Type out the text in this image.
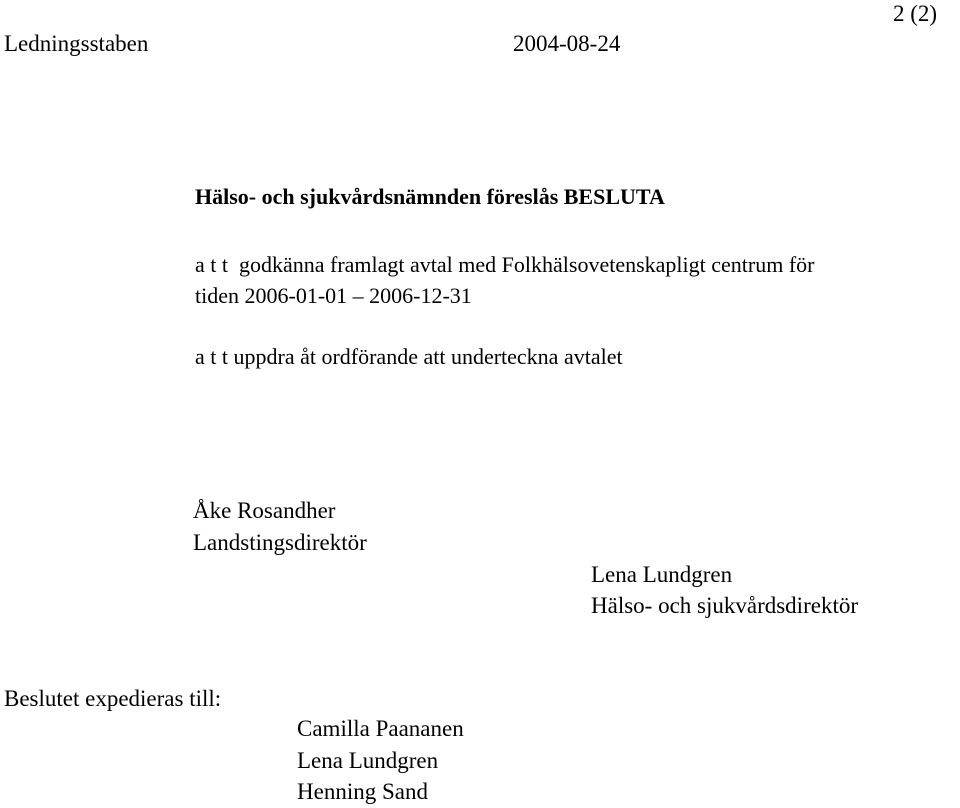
Ledningsstaben	2004-08-24
2 (2)
Hälso- och sjukvårdsnämnden föreslås BESLUTA
a t t  godkänna framlagt avtal med Folkhälsovetenskapligt centrum för
tiden 2006-01-01 – 2006-12-31
a t t uppdra åt ordförande att underteckna avtalet
Åke Rosandher
Landstingsdirektör
Lena Lundgren
Hälso- och sjukvårdsdirektör
Beslutet expedieras till:
Camilla Paananen
Lena Lundgren
Henning Sand
